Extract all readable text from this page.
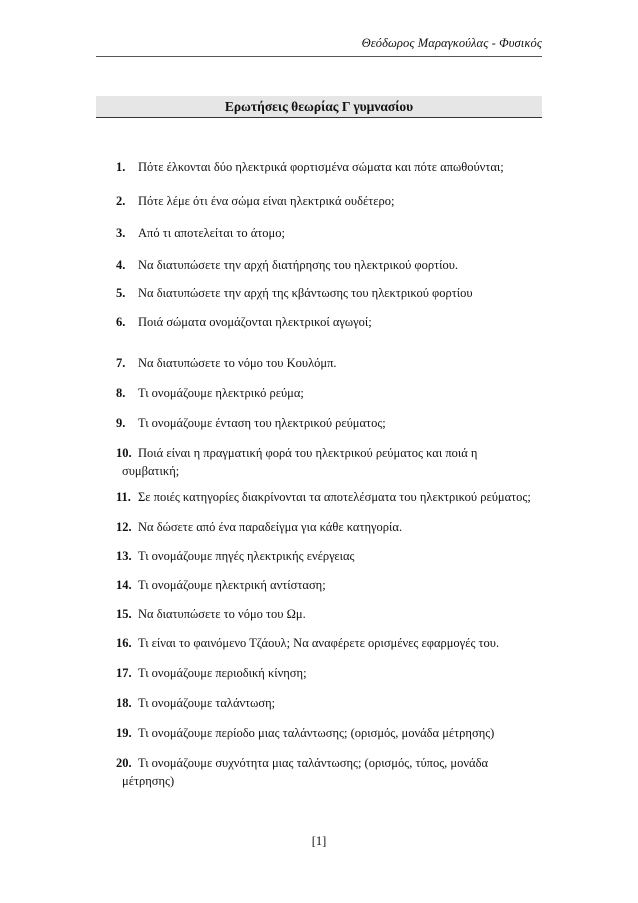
Θεόδωρος Μαραγκούλας - Φυσικός
Ερωτήσεις θεωρίας Γ γυμνασίου
1.	Πότε έλκονται δύο ηλεκτρικά φορτισμένα σώματα και πότε απωθούνται;
2.	Πότε λέμε ότι ένα σώμα είναι ηλεκτρικά ουδέτερο;
3.	Από τι αποτελείται το άτομο;
4.	Να διατυπώσετε την αρχή διατήρησης του ηλεκτρικού φορτίου.
5.	Να διατυπώσετε την αρχή της κβάντωσης του ηλεκτρικού φορτίου
6.	Ποιά σώματα ονομάζονται ηλεκτρικοί αγωγοί;
7.	Να διατυπώσετε το νόμο του Κουλόμπ.
8.	Τι ονομάζουμε ηλεκτρικό ρεύμα;
9.	Τι ονομάζουμε ένταση του ηλεκτρικού ρεύματος;
10. Ποιά είναι η πραγματική φορά του ηλεκτρικού ρεύματος και ποιά η
συμβατική;
11. Σε ποιές κατηγορίες διακρίνονται τα αποτελέσματα του ηλεκτρικού ρεύματος;
12. Να δώσετε από ένα παραδείγμα για κάθε κατηγορία.
13. Τι ονομάζουμε πηγές ηλεκτρικής ενέργειας
14. Τι ονομάζουμε ηλεκτρική αντίσταση;
15. Να διατυπώσετε το νόμο του Ωμ.
16. Τι είναι το φαινόμενο Τζάουλ; Να αναφέρετε ορισμένες εφαρμογές του.
17. Τι ονομάζουμε περιοδική κίνηση;
18. Τι ονομάζουμε ταλάντωση;
19. Τι ονομάζουμε περίοδο μιας ταλάντωσης; (ορισμός, μονάδα μέτρησης)
20. Τι ονομάζουμε συχνότητα μιας ταλάντωσης; (ορισμός, τύπος, μονάδα
μέτρησης)
[1]
